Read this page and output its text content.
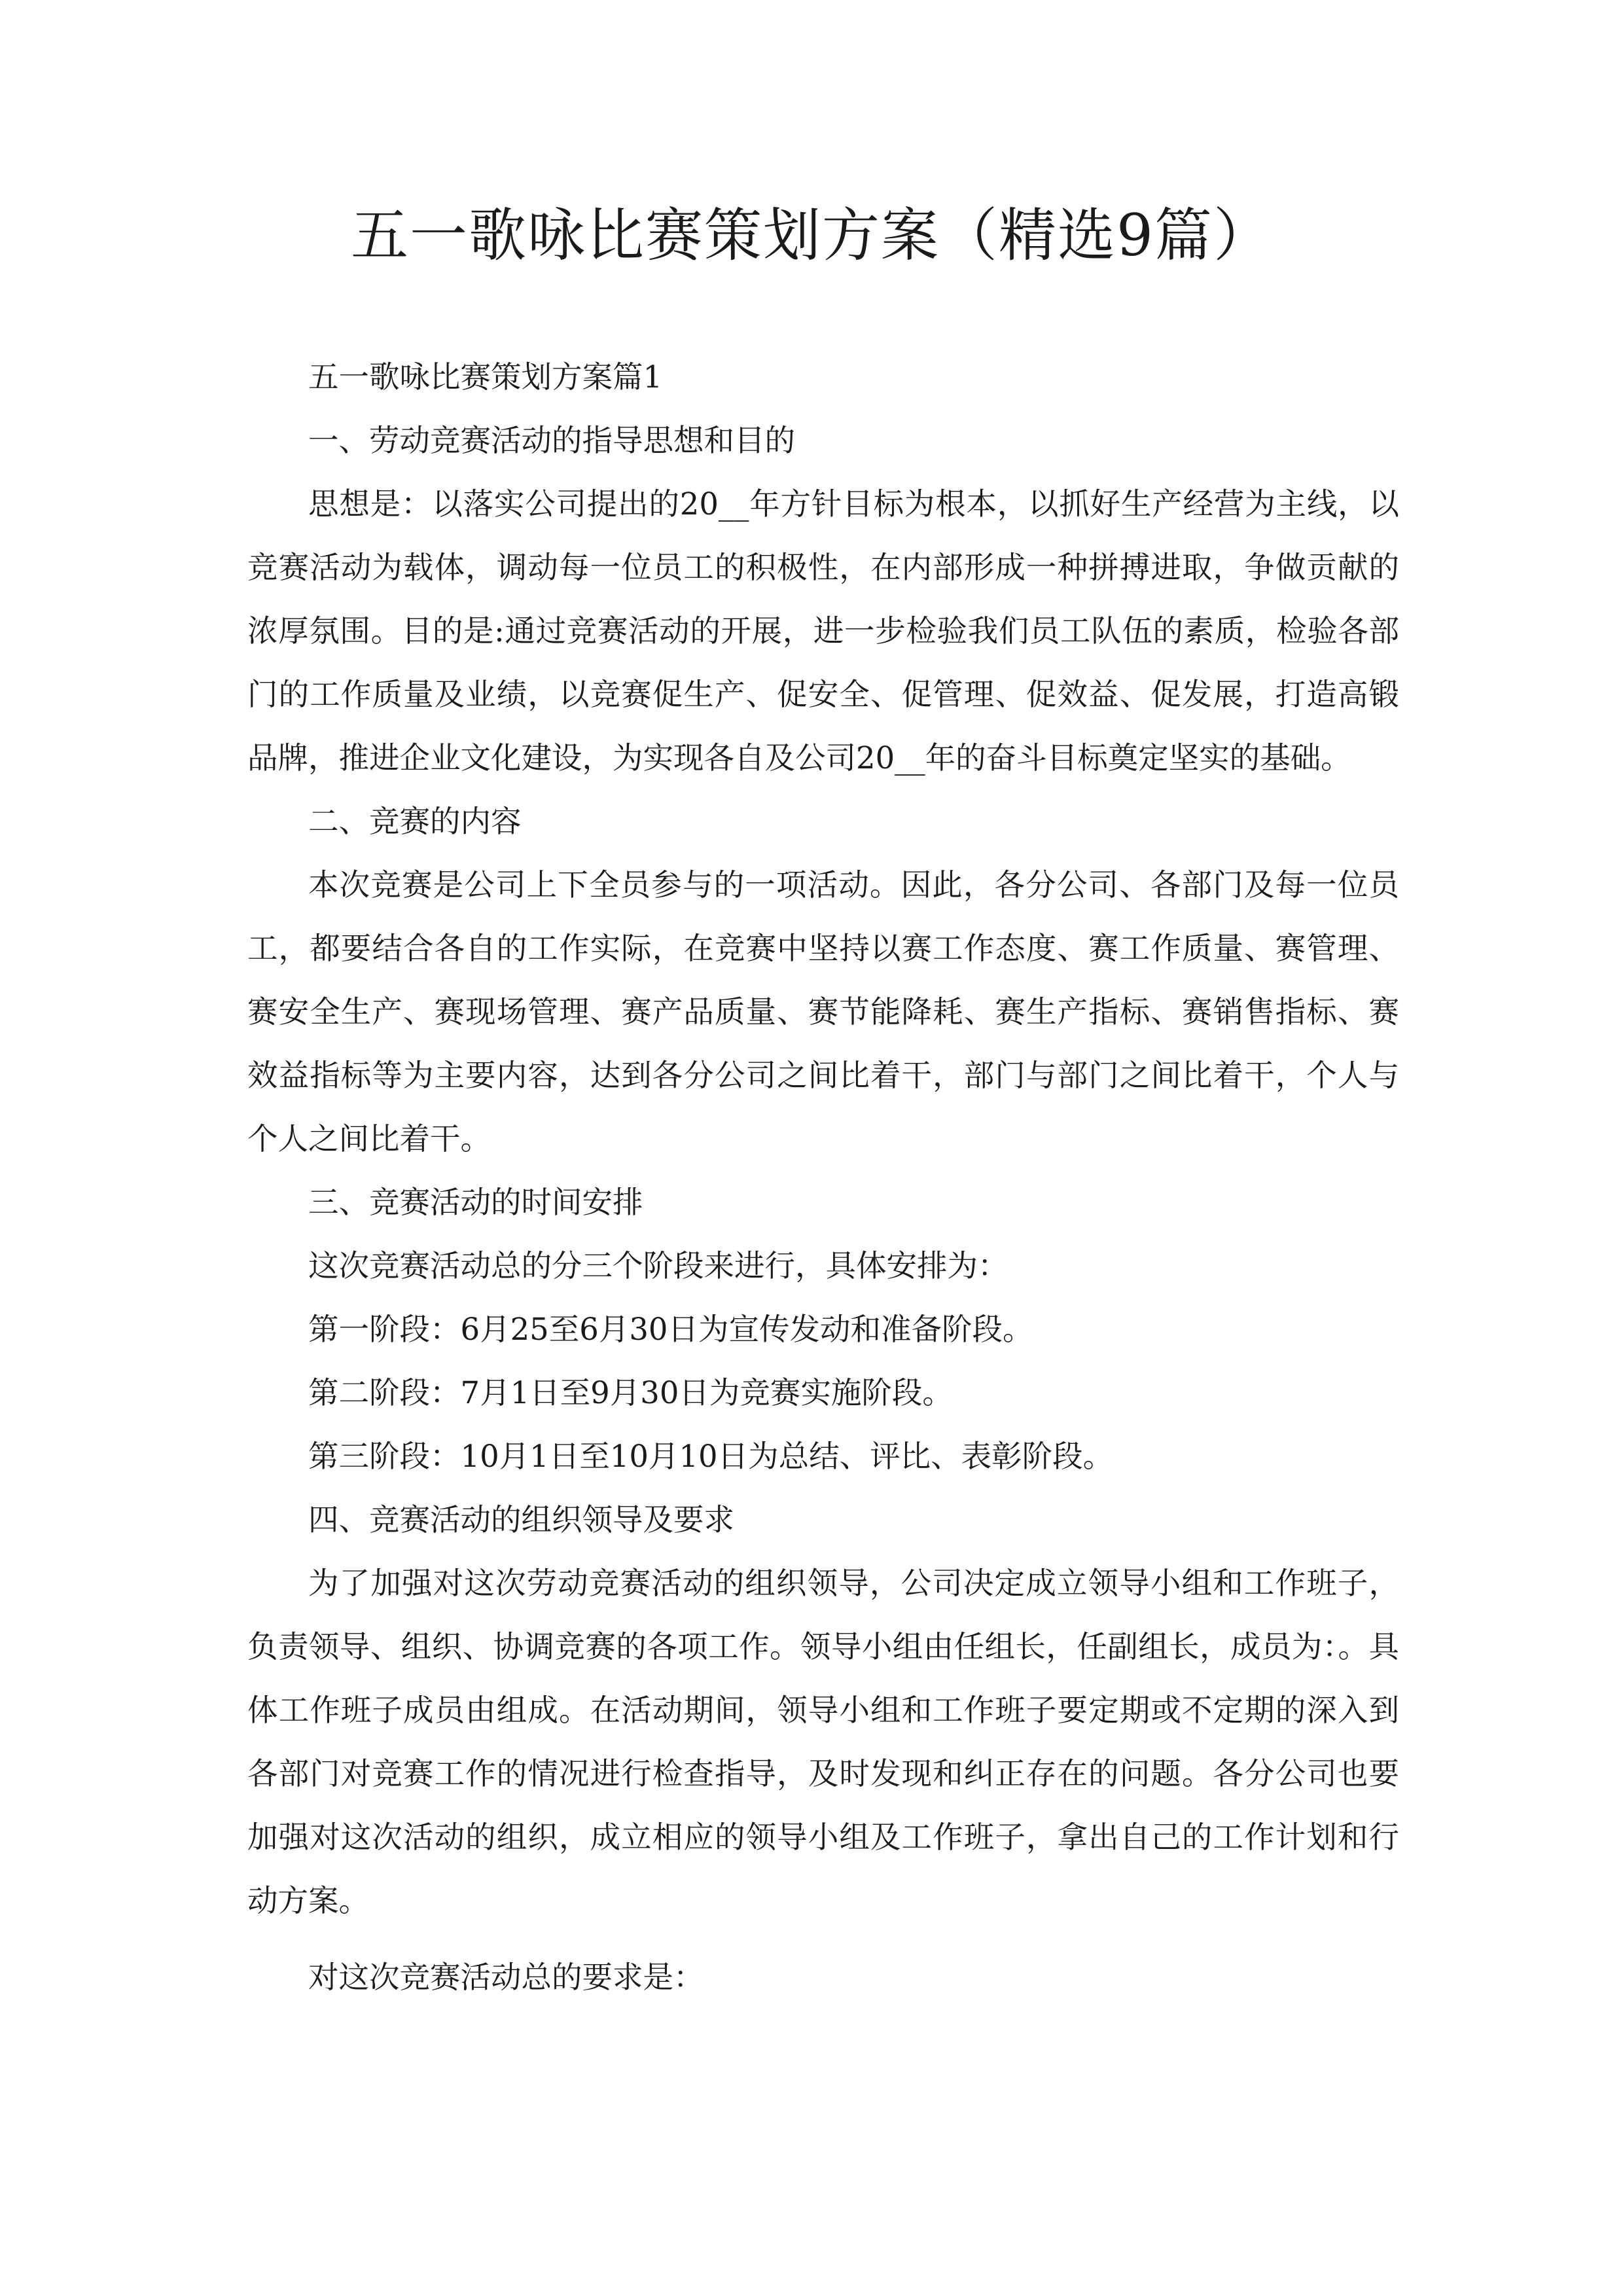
五一歌咏比赛策划方案（精选9篇）

五一歌咏比赛策划方案篇1

一、劳动竞赛活动的指导思想和目的

思想是：以落实公司提出的20__年方针目标为根本，以抓好生产经营为主线，以竞赛活动为载体，调动每一位员工的积极性，在内部形成一种拼搏进取，争做贡献的浓厚氛围。目的是:通过竞赛活动的开展，进一步检验我们员工队伍的素质，检验各部门的工作质量及业绩，以竞赛促生产、促安全、促管理、促效益、促发展，打造高锻品牌，推进企业文化建设，为实现各自及公司20__年的奋斗目标奠定坚实的基础。

二、竞赛的内容

本次竞赛是公司上下全员参与的一项活动。因此，各分公司、各部门及每一位员工，都要结合各自的工作实际，在竞赛中坚持以赛工作态度、赛工作质量、赛管理、赛安全生产、赛现场管理、赛产品质量、赛节能降耗、赛生产指标、赛销售指标、赛效益指标等为主要内容，达到各分公司之间比着干，部门与部门之间比着干，个人与个人之间比着干。

三、竞赛活动的时间安排

这次竞赛活动总的分三个阶段来进行，具体安排为：

第一阶段：6月25至6月30日为宣传发动和准备阶段。

第二阶段：7月1日至9月30日为竞赛实施阶段。

第三阶段：10月1日至10月10日为总结、评比、表彰阶段。

四、竞赛活动的组织领导及要求

为了加强对这次劳动竞赛活动的组织领导，公司决定成立领导小组和工作班子，负责领导、组织、协调竞赛的各项工作。领导小组由任组长，任副组长，成员为：。具体工作班子成员由组成。在活动期间，领导小组和工作班子要定期或不定期的深入到各部门对竞赛工作的情况进行检查指导，及时发现和纠正存在的问题。各分公司也要加强对这次活动的组织，成立相应的领导小组及工作班子，拿出自己的工作计划和行动方案。

对这次竞赛活动总的要求是：
